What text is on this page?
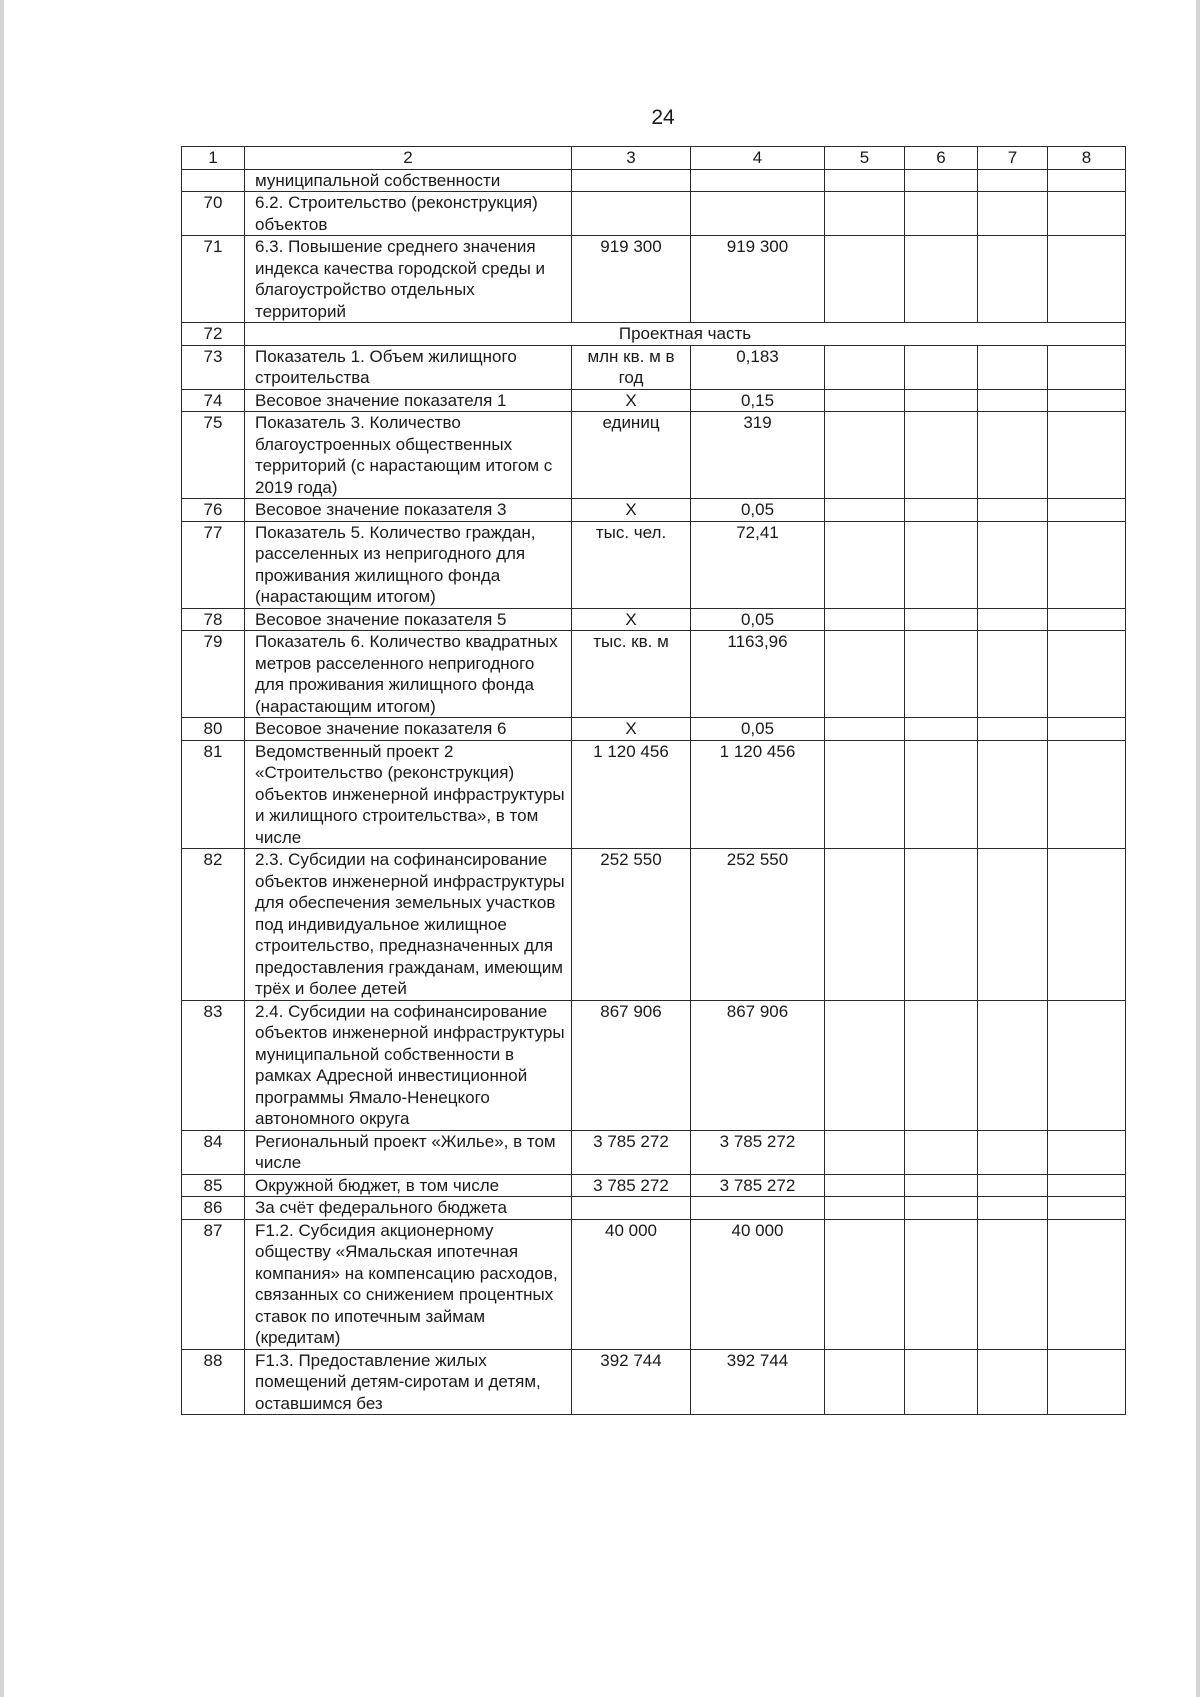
24
1	2	3	4	5	6	7	8
	муниципальной собственности						
70	6.2. Строительство (реконструкция) объектов						
71	6.3. Повышение среднего значения индекса качества городской среды и благоустройство отдельных территорий	919 300	919 300				
72	Проектная часть						
73	Показатель 1. Объем жилищного строительства	млн кв. м в год	0,183				
74	Весовое значение показателя 1	Х	0,15				
75	Показатель 3. Количество благоустроенных общественных территорий (с нарастающим итогом с 2019 года)	единиц	319				
76	Весовое значение показателя 3	Х	0,05				
77	Показатель 5. Количество граждан, расселенных из непригодного для проживания жилищного фонда (нарастающим итогом)	тыс. чел.	72,41				
78	Весовое значение показателя 5	Х	0,05				
79	Показатель 6. Количество квадратных метров расселенного непригодного для проживания жилищного фонда (нарастающим итогом)	тыс. кв. м	1163,96				
80	Весовое значение показателя 6	Х	0,05				
81	Ведомственный проект 2 «Строительство (реконструкция) объектов инженерной инфраструктуры и жилищного строительства», в том числе	1 120 456	1 120 456				
82	2.3. Субсидии на софинансирование объектов инженерной инфраструктуры для обеспечения земельных участков под индивидуальное жилищное строительство, предназначенных для предоставления гражданам, имеющим трёх и более детей	252 550	252 550				
83	2.4. Субсидии на софинансирование объектов инженерной инфраструктуры муниципальной собственности в рамках Адресной инвестиционной программы Ямало-Ненецкого автономного округа	867 906	867 906				
84	Региональный проект «Жилье», в том числе	3 785 272	3 785 272				
85	Окружной бюджет, в том числе	3 785 272	3 785 272				
86	За счёт федерального бюджета						
87	F1.2. Субсидия акционерному обществу «Ямальская ипотечная компания» на компенсацию расходов, связанных со снижением процентных ставок по ипотечным займам (кредитам)	40 000	40 000				
88	F1.3. Предоставление жилых помещений детям-сиротам и детям, оставшимся без	392 744	392 744				
